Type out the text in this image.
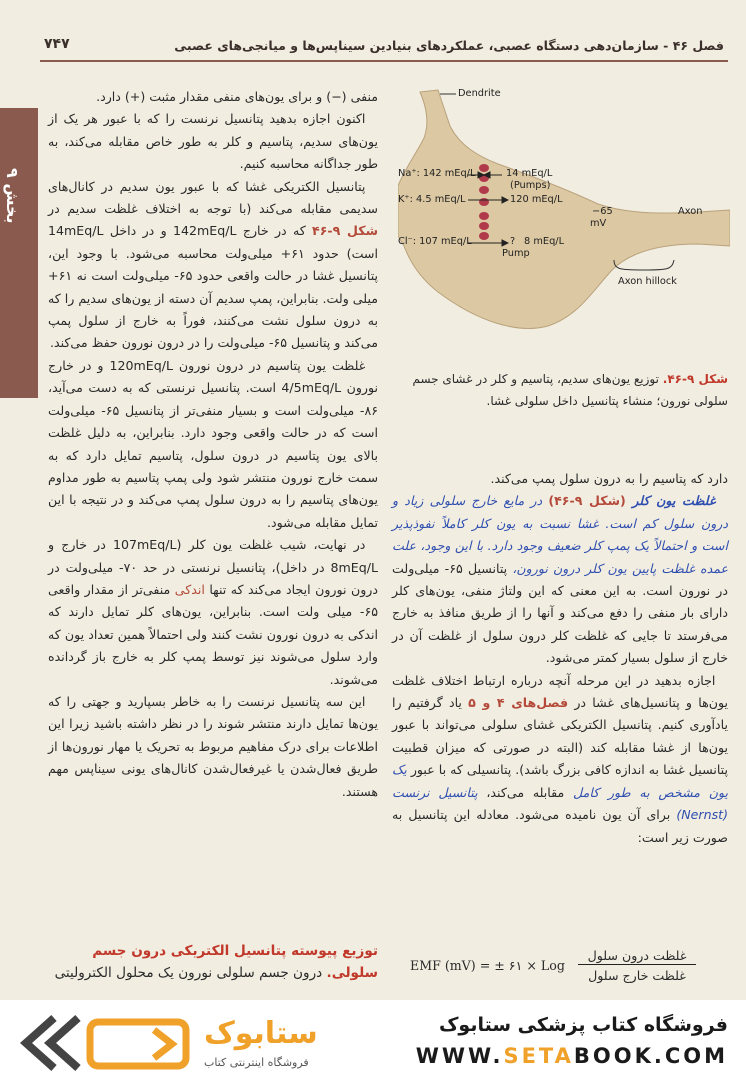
بخش ۹
فصل ۴۶ - سازمان‌دهی دستگاه عصبی، عملکردهای بنیادین سیناپس‌ها و میانجی‌های عصبی
۷۴۷

منفی (−) و برای یون‌های منفی مقدار مثبت (+) دارد.

 اکنون اجازه بدهید پتانسیل نرنست را که با عبور هر یک از یون‌های سدیم، پتاسیم و کلر به طور خاص مقابله می‌کند، به طور جداگانه محاسبه کنیم.

 پتانسیل الکتریکی غشا که با عبور یون سدیم در کانال‌های سدیمی مقابله می‌کند (با توجه به اختلاف غلظت سدیم در شکل ۹-۴۶ که در خارج 142mEq/L و در داخل 14mEq/L است) حدود ۶۱+ میلی‌ولت محاسبه می‌شود. با وجود این، پتانسیل غشا در حالت واقعی حدود ۶۵- میلی‌ولت است نه ۶۱+ میلی ولت. بنابراین، پمپ سدیم آن دسته از یون‌های سدیم را که به درون سلول نشت می‌کنند، فوراً به خارج از سلول پمپ می‌کند و پتانسیل ۶۵- میلی‌ولت را در درون نورون حفظ می‌کند.

 غلظت یون پتاسیم در درون نورون 120mEq/L و در خارج نورون 4/5mEq/L است. پتانسیل نرنستی که به دست می‌آید، ۸۶- میلی‌ولت است و بسیار منفی‌تر از پتانسیل ۶۵- میلی‌ولت است که در حالت واقعی وجود دارد. بنابراین، به دلیل غلظت بالای یون پتاسیم در درون سلول، پتاسیم تمایل دارد که به سمت خارج نورون منتشر شود ولی پمپ پتاسیم به طور مداوم یون‌های پتاسیم را به درون سلول پمپ می‌کند و در نتیجه با این تمایل مقابله می‌شود.

 در نهایت، شیب غلظت یون کلر (107mEq/L در خارج و 8mEq/L در داخل)، پتانسیل نرنستی در حد ۷۰- میلی‌ولت در درون نورون ایجاد می‌کند که تنها اندکی منفی‌تر از مقدار واقعی ۶۵- میلی ولت است. بنابراین، یون‌های کلر تمایل دارند که اندکی به درون نورون نشت کنند ولی احتمالاً همین تعداد یون که وارد سلول می‌شوند نیز توسط پمپ کلر به خارج باز گردانده می‌شوند.

 این سه پتانسیل نرنست را به خاطر بسپارید و جهتی را که یون‌ها تمایل دارند منتشر شوند را در نظر داشته باشید زیرا این اطلاعات برای درک مفاهیم مربوط به تحریک یا مهار نورون‌ها از طریق فعال‌شدن یا غیرفعال‌شدن کانال‌های یونی سیناپس مهم هستند.

توزیع پیوسته پتانسیل الکتریکی درون جسم سلولی. درون جسم سلولی نورون یک محلول الکترولیتی
Dendrite
Na⁺: 142 mEq/L	14 mEq/L
(Pumps)
K⁺: 4.5 mEq/L	120 mEq/L
Cl⁻: 107 mEq/L	? 8 mEq/L
Pump
−65
mV
Axon
Axon hillock
شکل ۹-۴۶. توزیع یون‌های سدیم، پتاسیم و کلر در غشای جسم سلولی نورون؛ منشاء پتانسیل داخل سلولی غشا.

دارد که پتاسیم را به درون سلول پمپ می‌کند.

 غلظت یون کلر (شکل ۹-۴۶) در مایع خارج سلولی زیاد و درون سلول کم است. غشا نسبت به یون کلر کاملاً نفوذپذیر است و احتمالاً یک پمپ کلر ضعیف وجود دارد. با این وجود، علت عمده غلظت پایین یون کلر درون نورون، پتانسیل ۶۵- میلی‌ولت در نورون است. به این معنی که این ولتاژ منفی، یون‌های کلر دارای بار منفی را دفع می‌کند و آنها را از طریق منافذ به خارج می‌فرستد تا جایی که غلظت کلر درون سلول از غلظت آن در خارج از سلول بسیار کمتر می‌شود.

 اجازه بدهید در این مرحله آنچه درباره ارتباط اختلاف غلظت یون‌ها و پتانسیل‌های غشا در فصل‌های ۴ و ۵ یاد گرفتیم را یادآوری کنیم. پتانسیل الکتریکی غشای سلولی می‌تواند با عبور یون‌ها از غشا مقابله کند (البته در صورتی که میزان قطبیت پتانسیل غشا به اندازه کافی بزرگ باشد). پتانسیلی که با عبور یک یون مشخص به طور کامل مقابله می‌کند، پتانسیل نرنست (Nernst) برای آن یون نامیده می‌شود. معادله این پتانسیل به صورت زیر است:

EMF (mV) = ± ۶۱ × Log
غلظت درون سلول
غلظت خارج سلول
ستابوک
فروشگاه اینترنتی کتاب
فروشگاه کتاب پزشکی ستابوک
WWW.SETABOOK.COM
